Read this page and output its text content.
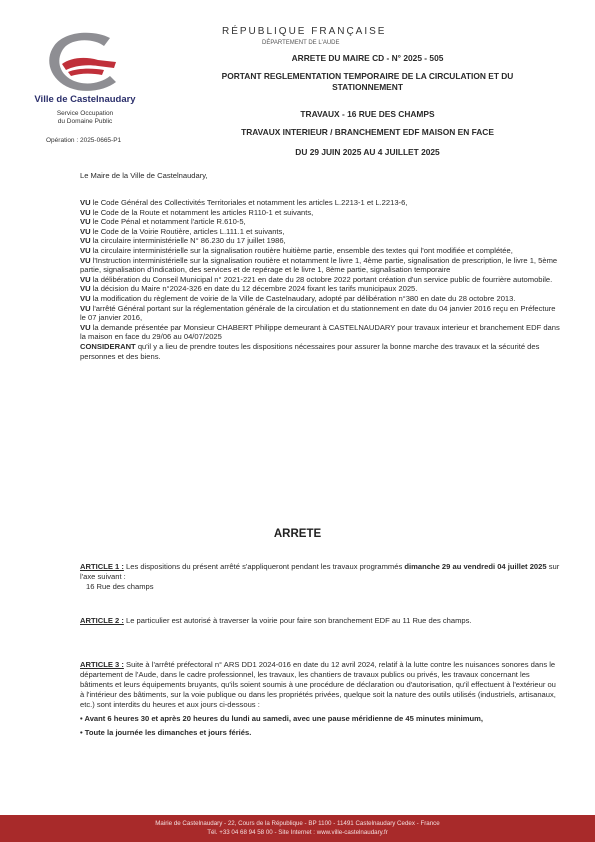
RÉPUBLIQUE FRANÇAISE
DÉPARTEMENT DE L'AUDE
ARRETE DU MAIRE CD - N° 2025 - 505
PORTANT REGLEMENTATION TEMPORAIRE DE LA CIRCULATION ET DU
STATIONNEMENT
TRAVAUX - 16 RUE DES CHAMPS
TRAVAUX INTERIEUR / BRANCHEMENT EDF MAISON EN FACE
DU 29 JUIN 2025 AU 4 JUILLET 2025
Ville de Castelnaudary
Service Occupation
du Domaine Public
Opération : 2025-0665-P1
Le Maire de la Ville de Castelnaudary,

VU le Code Général des Collectivités Territoriales et notamment les articles L.2213-1 et L.2213-6,

VU le Code de la Route et notamment les articles R110-1 et suivants,

VU le Code Pénal et notamment l'article R.610-5,

VU le Code de la Voirie Routière, articles L.111.1 et suivants,

VU la circulaire interministérielle N° 86.230 du 17 juillet 1986,

VU la circulaire interministérielle sur la signalisation routière huitième partie, ensemble des textes qui l'ont modifiée et complétée,

VU l'Instruction interministérielle sur la signalisation routière et notamment le livre 1, 4ème partie, signalisation de prescription, le livre 1, 5ème partie, signalisation d'indication, des services et de repérage et le livre 1, 8ème partie, signalisation temporaire

VU la délibération du Conseil Municipal n° 2021-221 en date du 28 octobre 2022 portant création d'un service public de fourrière automobile.

VU la décision du Maire n°2024-326 en date du 12 décembre 2024 fixant les tarifs municipaux 2025.

VU la modification du règlement de voirie de la Ville de Castelnaudary, adopté par délibération n°380 en date du 28 octobre 2013.

VU l'arrêté Général portant sur la réglementation générale de la circulation et du stationnement en date du 04 janvier 2016 reçu en Préfecture le 07 janvier 2016,

VU la demande présentée par Monsieur CHABERT Philippe demeurant à CASTELNAUDARY pour travaux interieur et branchement EDF dans la maison en face du 29/06 au 04/07/2025

CONSIDERANT qu'il y a lieu de prendre toutes les dispositions nécessaires pour assurer la bonne marche des travaux et la sécurité des personnes et des biens.

ARRETE

ARTICLE 1 : Les dispositions du présent arrêté s'appliqueront pendant les travaux programmés dimanche 29 au vendredi 04 juillet 2025 sur l'axe suivant :

16 Rue des champs

ARTICLE 2 : Le particulier est autorisé à traverser la voirie pour faire son branchement EDF au 11 Rue des champs.

ARTICLE 3 : Suite à l'arrêté préfectoral n° ARS DD1 2024-016 en date du 12 avril 2024, relatif à la lutte contre les nuisances sonores dans le département de l'Aude, dans le cadre professionnel, les travaux, les chantiers de travaux publics ou privés, les travaux concernant les bâtiments et leurs équipements bruyants, qu'ils soient soumis à une procédure de déclaration ou d'autorisation, qu'il effectuent à l'extérieur ou à l'intérieur des bâtiments, sur la voie publique ou dans les propriétés privées, quelque soit la nature des outils utilisés (industriels, artisanaux, etc.) sont interdits du heures et aux jours ci-dessous :

• Avant 6 heures 30 et après 20 heures du lundi au samedi, avec une pause méridienne de 45 minutes minimum,

• Toute la journée les dimanches et jours fériés.

Mairie de Castelnaudary - 22, Cours de la République - BP 1100 - 11491 Castelnaudary Cedex - France
Tél. +33 04 68 94 58 00 - Site Internet : www.ville-castelnaudary.fr
